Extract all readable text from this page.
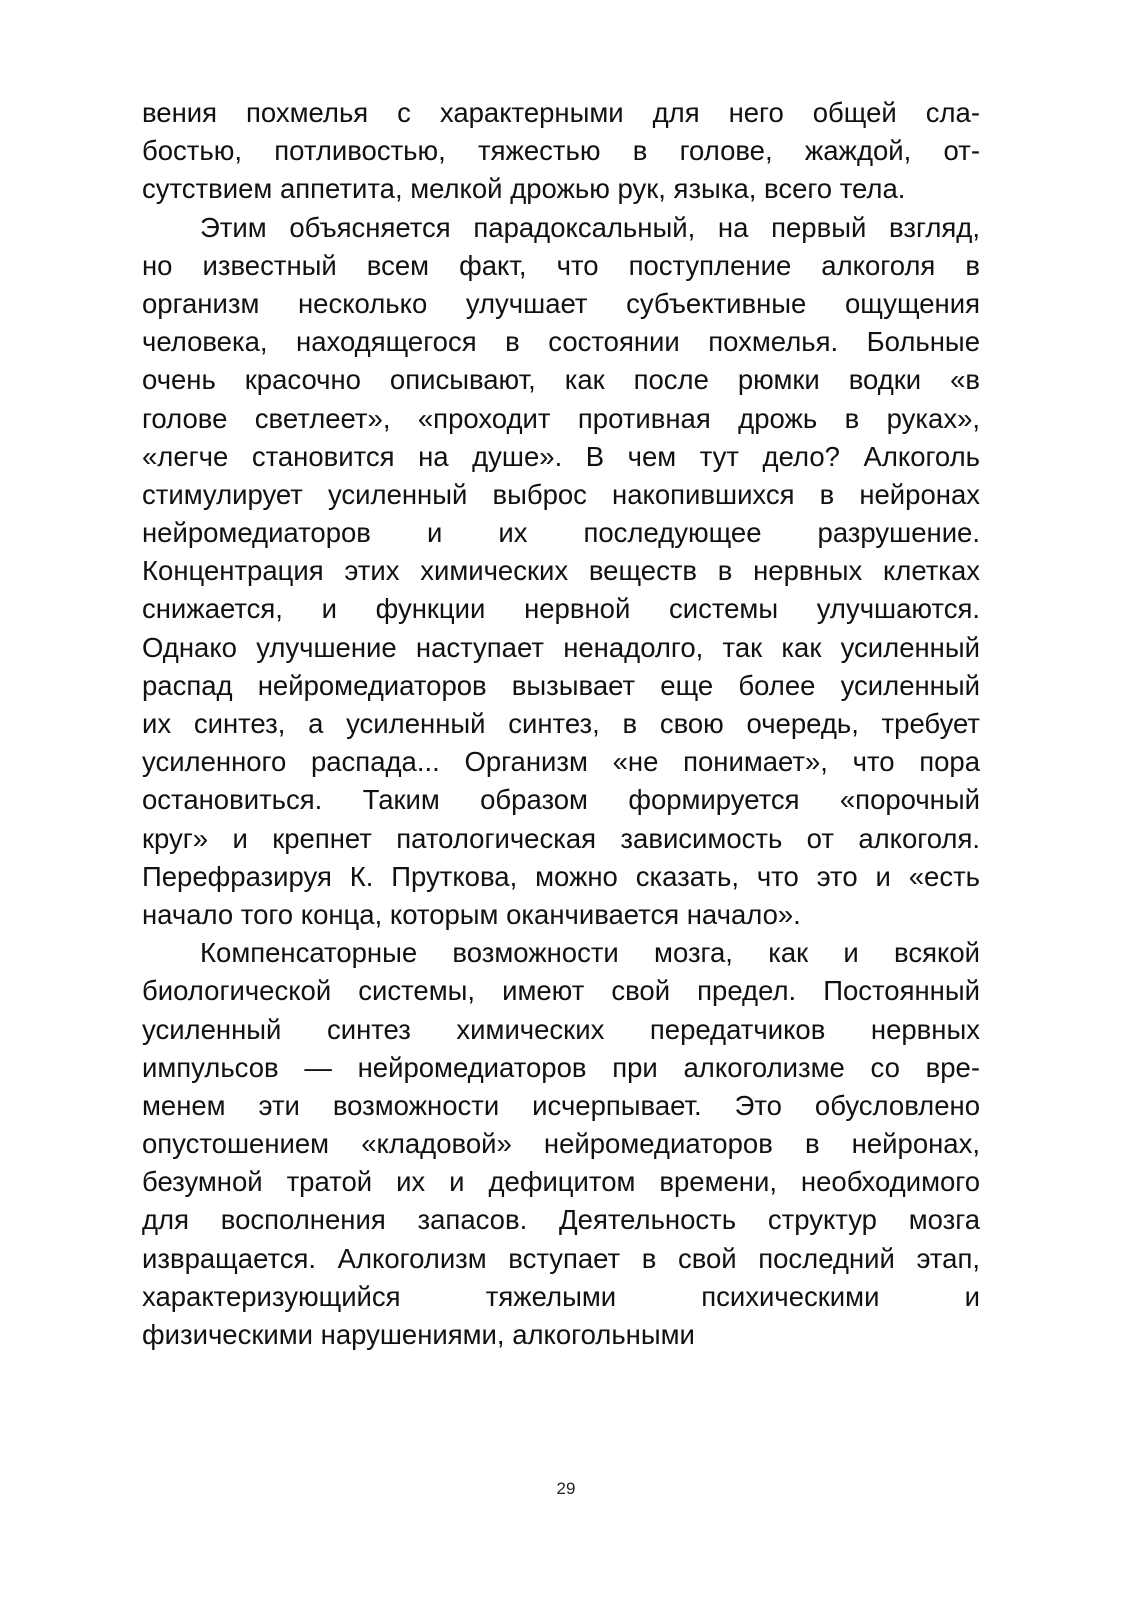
вения похмелья с характерными для него общей сла-
бостью, потливостью, тяжестью в голове, жаждой, от-
сутствием аппетита, мелкой дрожью рук, языка, всего тела.
Этим объясняется парадоксальный, на первый взгляд,
но известный всем факт, что поступление алкоголя в
организм несколько улучшает субъективные ощущения
человека, находящегося в состоянии похмелья. Больные
очень красочно описывают, как после рюмки водки «в
голове светлеет», «проходит противная дрожь в руках»,
«легче становится на душе». В чем тут дело? Алкоголь
стимулирует усиленный выброс накопившихся в нейронах
нейромедиаторов и их последующее разрушение.
Концентрация этих химических веществ в нервных клетках
снижается, и функции нервной системы улучшаются.
Однако улучшение наступает ненадолго, так как усиленный
распад нейромедиаторов вызывает еще более усиленный
их синтез, а усиленный синтез, в свою очередь, требует
усиленного распада... Организм «не понимает», что пора
остановиться. Таким образом формируется «порочный
круг» и крепнет патологическая зависимость от алкоголя.
Перефразируя К. Пруткова, можно сказать, что это и «есть
начало того конца, которым оканчивается начало».
Компенсаторные возможности мозга, как и всякой
биологической системы, имеют свой предел. Постоянный
усиленный синтез химических передатчиков нервных
импульсов — нейромедиаторов при алкоголизме со вре-
менем эти возможности исчерпывает. Это обусловлено
опустошением «кладовой» нейромедиаторов в нейронах,
безумной тратой их и дефицитом времени, необходимого
для восполнения запасов. Деятельность структур мозга
извращается. Алкоголизм вступает в свой последний этап,
характеризующийся тяжелыми психическими и
физическими нарушениями, алкогольными
29
